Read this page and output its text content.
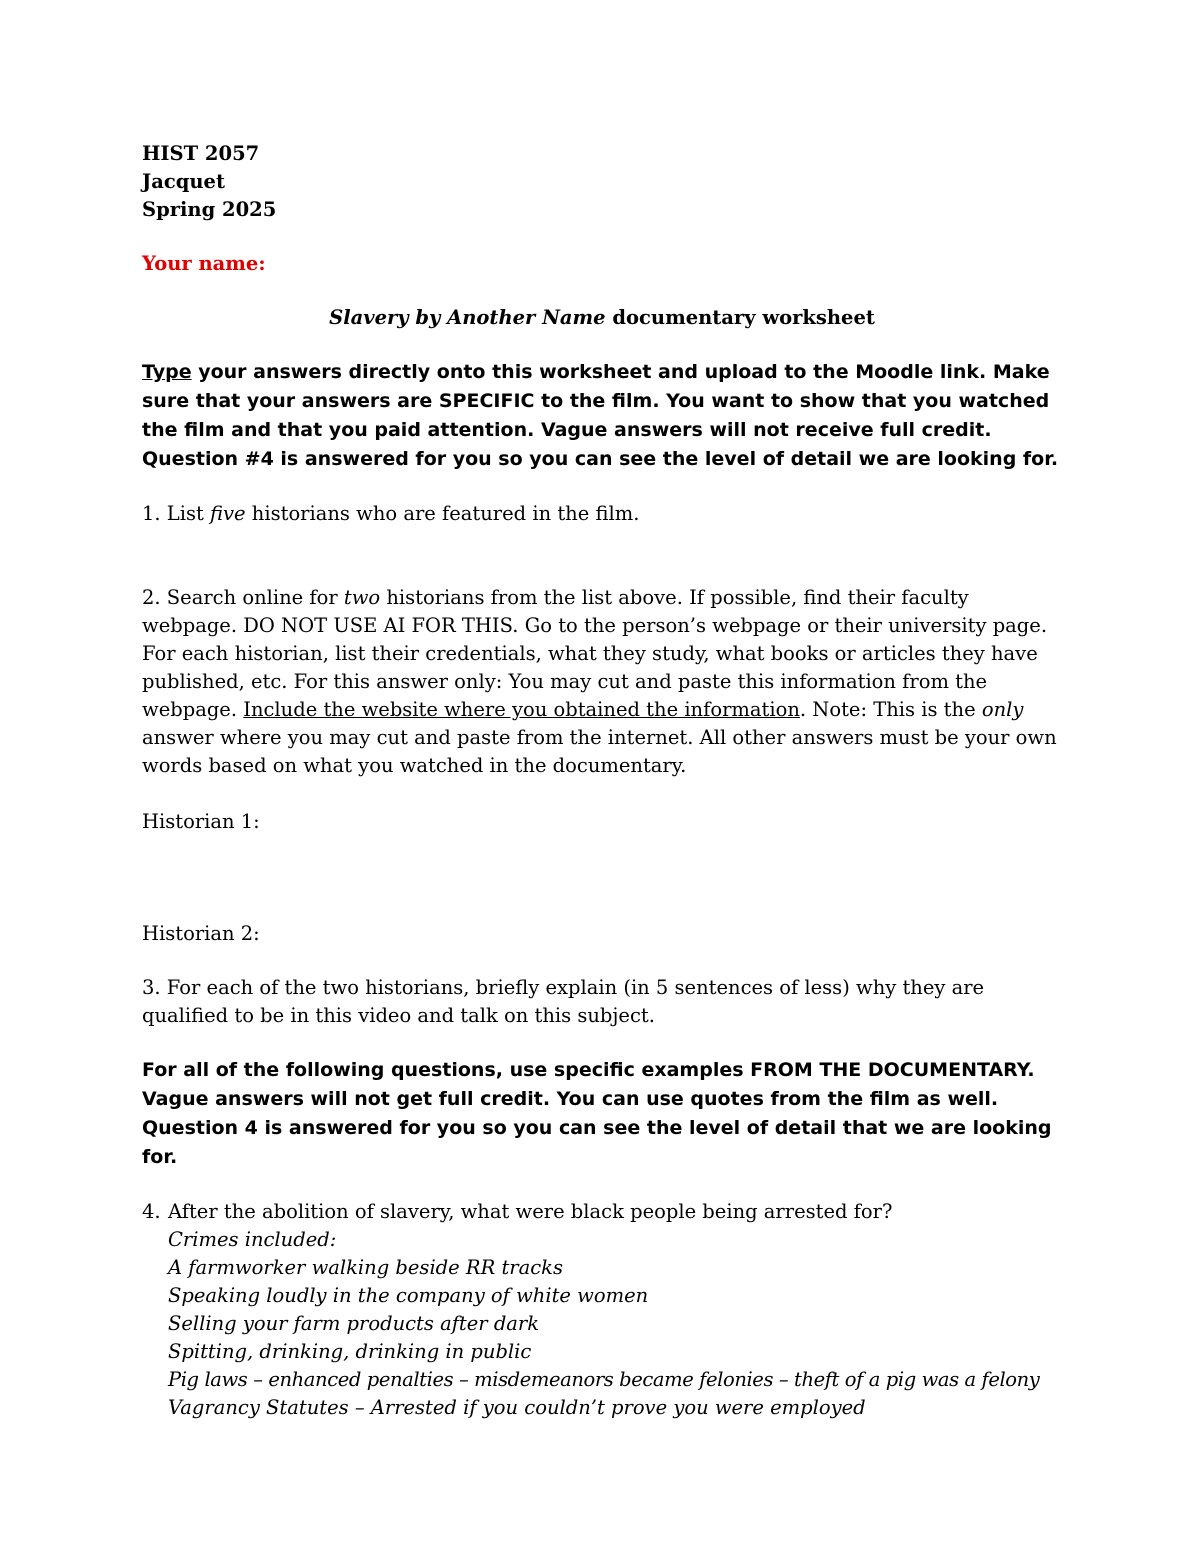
HIST 2057
Jacquet
Spring 2025
Your name:
Slavery by Another Name documentary worksheet
Type your answers directly onto this worksheet and upload to the Moodle link. Make sure that your answers are SPECIFIC to the film. You want to show that you watched the film and that you paid attention. Vague answers will not receive full credit. Question #4 is answered for you so you can see the level of detail we are looking for.
1. List five historians who are featured in the film.
2. Search online for two historians from the list above. If possible, find their faculty webpage. DO NOT USE AI FOR THIS. Go to the person’s webpage or their university page. For each historian, list their credentials, what they study, what books or articles they have published, etc. For this answer only: You may cut and paste this information from the webpage. Include the website where you obtained the information. Note: This is the only answer where you may cut and paste from the internet. All other answers must be your own words based on what you watched in the documentary.
Historian 1:
Historian 2:
3. For each of the two historians, briefly explain (in 5 sentences of less) why they are qualified to be in this video and talk on this subject.
For all of the following questions, use specific examples FROM THE DOCUMENTARY. Vague answers will not get full credit. You can use quotes from the film as well. Question 4 is answered for you so you can see the level of detail that we are looking for.
4. After the abolition of slavery, what were black people being arrested for?
Crimes included:
A farmworker walking beside RR tracks
Speaking loudly in the company of white women
Selling your farm products after dark
Spitting, drinking, drinking in public
Pig laws – enhanced penalties – misdemeanors became felonies – theft of a pig was a felony
Vagrancy Statutes – Arrested if you couldn’t prove you were employed
